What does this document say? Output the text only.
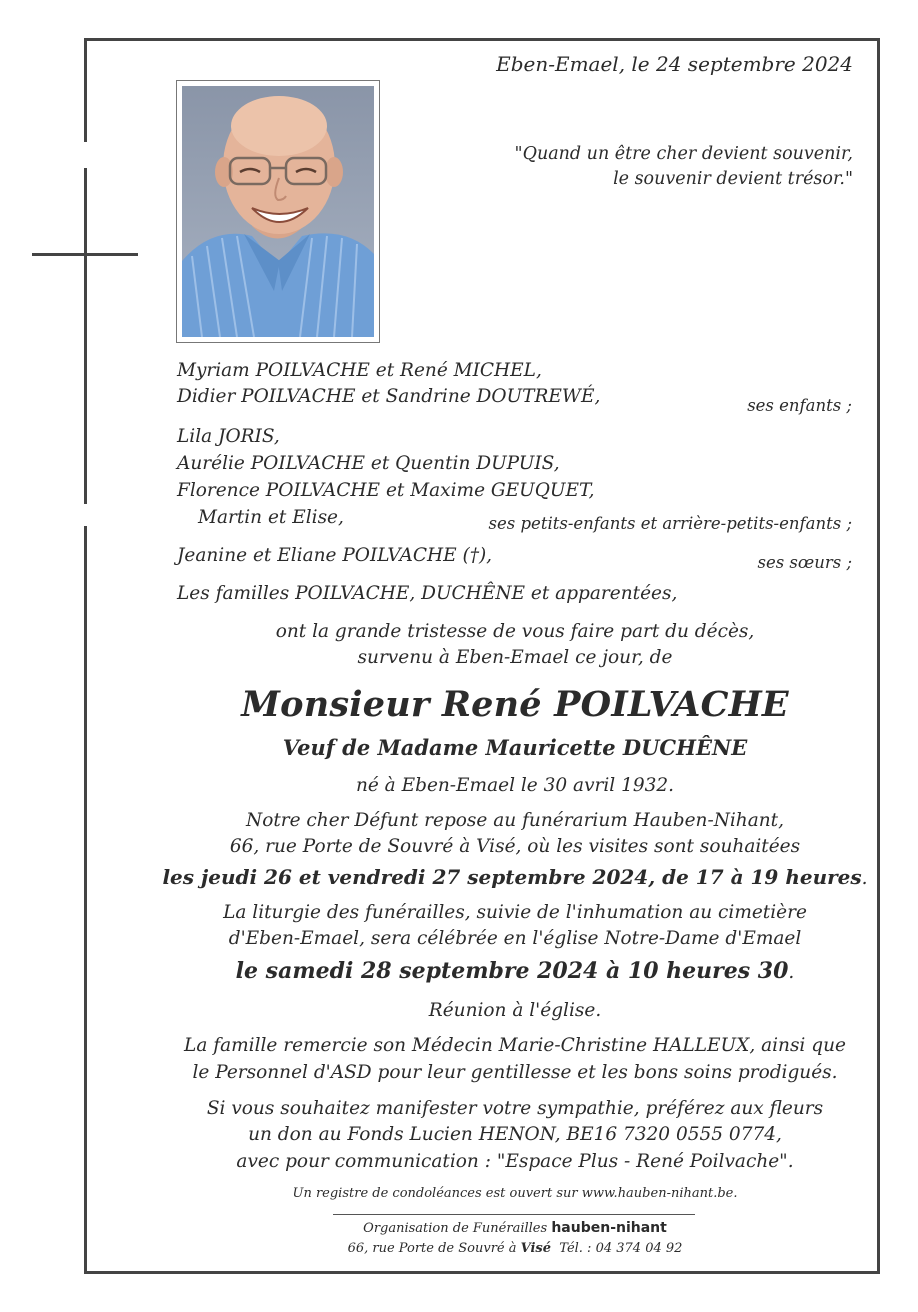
Eben-Emael, le 24 septembre 2024
"Quand un être cher devient souvenir,
le souvenir devient trésor."
Myriam POILVACHE et René MICHEL,
Didier POILVACHE et Sandrine DOUTREWÉ,	ses enfants ;
Lila JORIS,
Aurélie POILVACHE et Quentin DUPUIS,
Florence POILVACHE et Maxime GEUQUET,
Martin et Elise,	ses petits-enfants et arrière-petits-enfants ;
Jeanine et Eliane POILVACHE (†),	ses sœurs ;
Les familles POILVACHE, DUCHÊNE et apparentées,
ont la grande tristesse de vous faire part du décès,
survenu à Eben-Emael ce jour, de
Monsieur René POILVACHE
Veuf de Madame Mauricette DUCHÊNE
né à Eben-Emael le 30 avril 1932.
Notre cher Défunt repose au funérarium Hauben-Nihant,
66, rue Porte de Souvré à Visé, où les visites sont souhaitées
les jeudi 26 et vendredi 27 septembre 2024, de 17 à 19 heures.
La liturgie des funérailles, suivie de l'inhumation au cimetière
d'Eben-Emael, sera célébrée en l'église Notre-Dame d'Emael
le samedi 28 septembre 2024 à 10 heures 30.
Réunion à l'église.
La famille remercie son Médecin Marie-Christine HALLEUX, ainsi que
le Personnel d'ASD pour leur gentillesse et les bons soins prodigués.
Si vous souhaitez manifester votre sympathie, préférez aux fleurs
un don au Fonds Lucien HENON, BE16 7320 0555 0774,
avec pour communication : "Espace Plus - René Poilvache".
Un registre de condoléances est ouvert sur www.hauben-nihant.be.
Organisation de Funérailles hauben-nihant
66, rue Porte de Souvré à Visé Tél. : 04 374 04 92
